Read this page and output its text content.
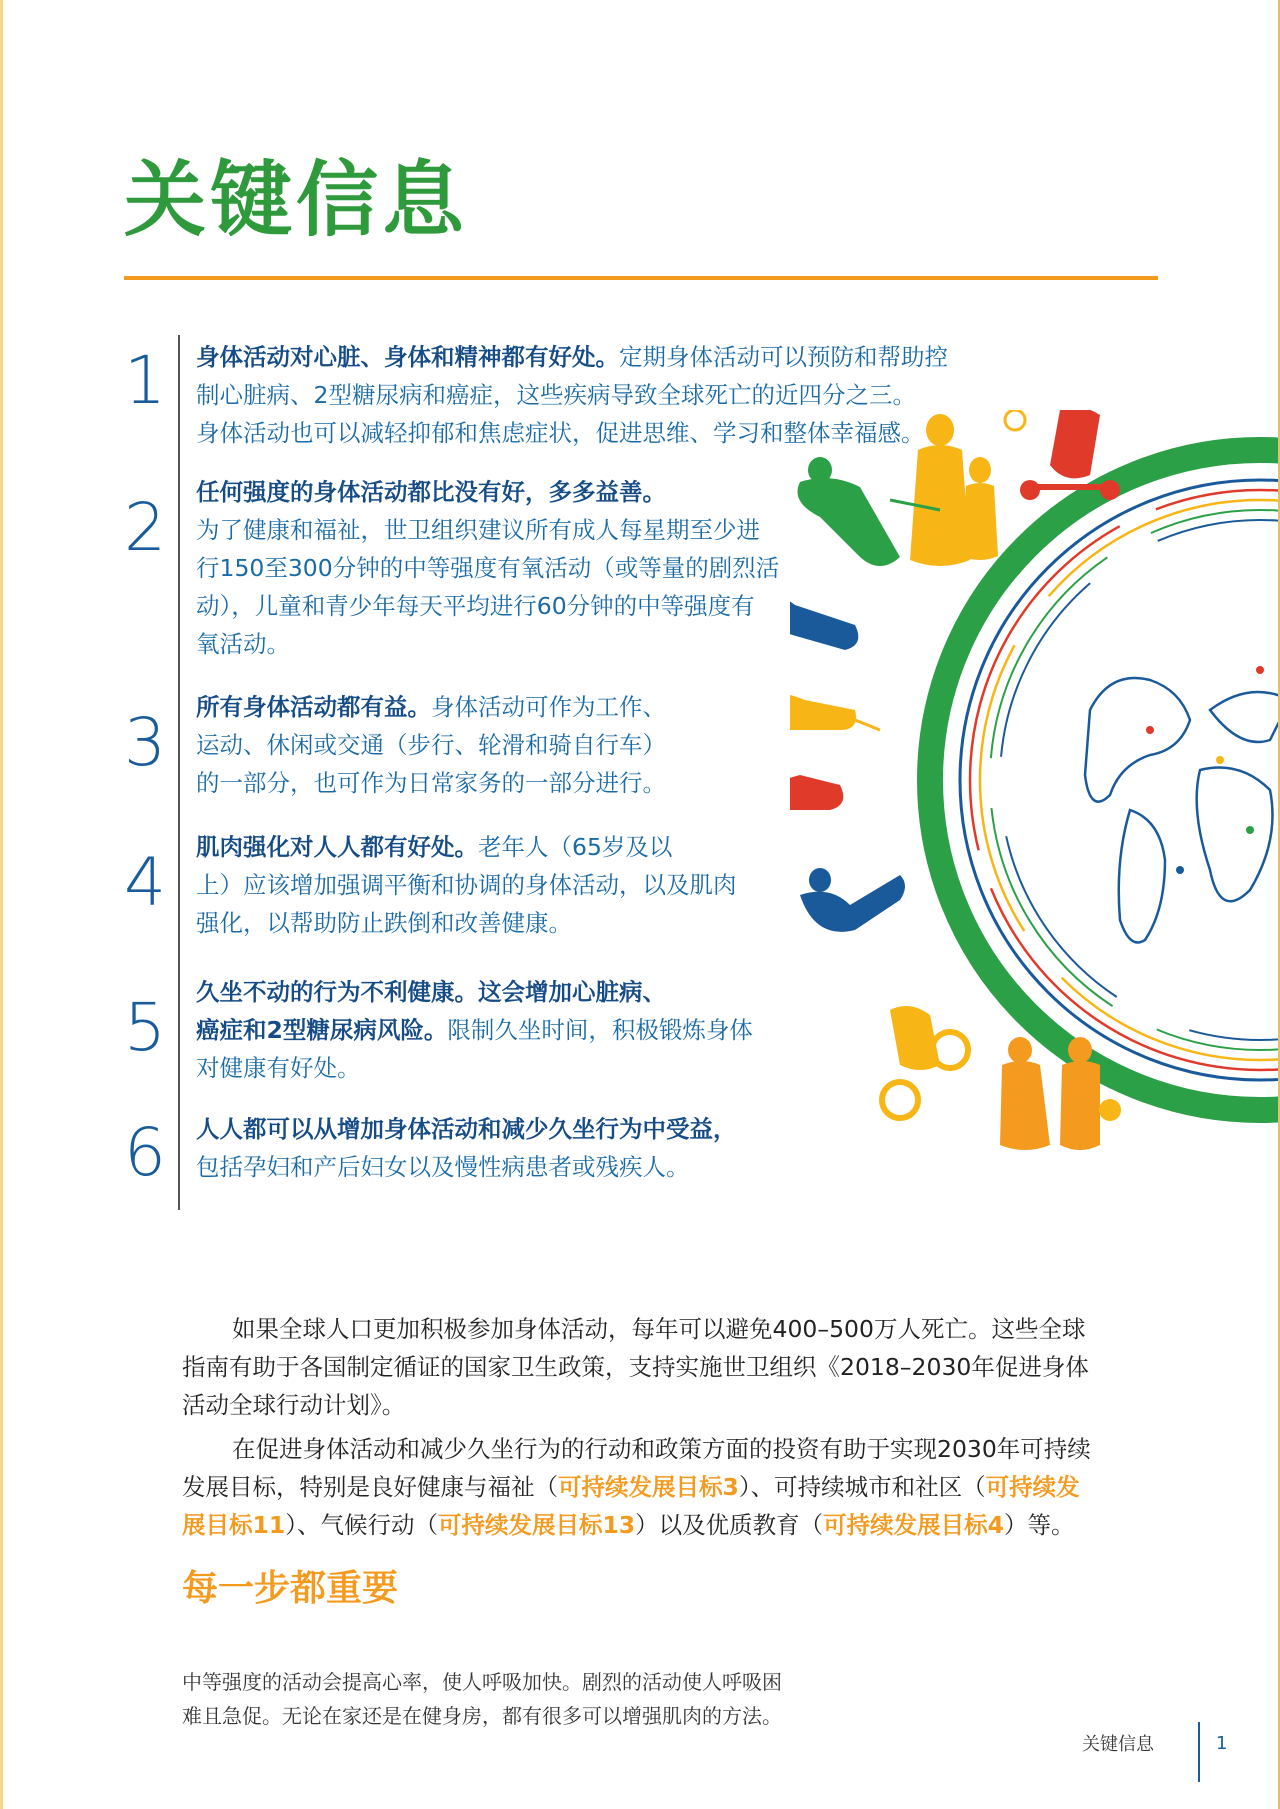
关键信息
1 身体活动对心脏、身体和精神都有好处。定期身体活动可以预防和帮助控
制心脏病、2型糖尿病和癌症，这些疾病导致全球死亡的近四分之三。
身体活动也可以减轻抑郁和焦虑症状，促进思维、学习和整体幸福感。
2 任何强度的身体活动都比没有好，多多益善。
为了健康和福祉，世卫组织建议所有成人每星期至少进
行150至300分钟的中等强度有氧活动（或等量的剧烈活
动），儿童和青少年每天平均进行60分钟的中等强度有
氧活动。
3 所有身体活动都有益。身体活动可作为工作、
运动、休闲或交通（步行、轮滑和骑自行车）
的一部分，也可作为日常家务的一部分进行。
4 肌肉强化对人人都有好处。老年人（65岁及以
上）应该增加强调平衡和协调的身体活动，以及肌肉
强化，以帮助防止跌倒和改善健康。
5 久坐不动的行为不利健康。这会增加心脏病、
癌症和2型糖尿病风险。限制久坐时间，积极锻炼身体
对健康有好处。
6 人人都可以从增加身体活动和减少久坐行为中受益，
包括孕妇和产后妇女以及慢性病患者或残疾人。

如果全球人口更加积极参加身体活动，每年可以避免400–500万人死亡。这些全球
指南有助于各国制定循证的国家卫生政策，支持实施世卫组织《2018–2030年促进身体
活动全球行动计划》。

在促进身体活动和减少久坐行为的行动和政策方面的投资有助于实现2030年可持续
发展目标，特别是良好健康与福祉（可持续发展目标3）、可持续城市和社区（可持续发
展目标11）、气候行动（可持续发展目标13）以及优质教育（可持续发展目标4）等。

每一步都重要

中等强度的活动会提高心率，使人呼吸加快。剧烈的活动使人呼吸困
难且急促。无论在家还是在健身房，都有很多可以增强肌肉的方法。

关键信息	1
